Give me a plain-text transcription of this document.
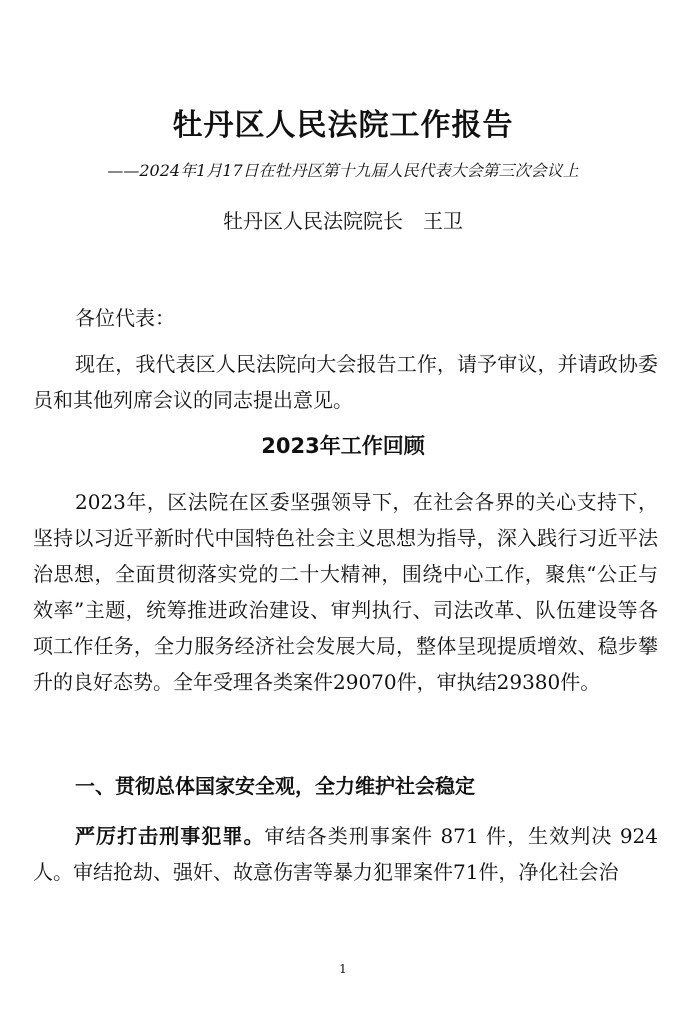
牡丹区人民法院工作报告

——2024年1月17日在牡丹区第十九届人民代表大会第三次会议上

牡丹区人民法院院长　王卫

各位代表：

现在，我代表区人民法院向大会报告工作，请予审议，并请政协委员和其他列席会议的同志提出意见。

2023年工作回顾

2023年，区法院在区委坚强领导下，在社会各界的关心支持下，坚持以习近平新时代中国特色社会主义思想为指导，深入践行习近平法治思想，全面贯彻落实党的二十大精神，围绕中心工作，聚焦“公正与效率”主题，统筹推进政治建设、审判执行、司法改革、队伍建设等各项工作任务，全力服务经济社会发展大局，整体呈现提质增效、稳步攀升的良好态势。全年受理各类案件29070件，审执结29380件。

一、贯彻总体国家安全观，全力维护社会稳定

严厉打击刑事犯罪。审结各类刑事案件 871 件，生效判决 924 人。审结抢劫、强奸、故意伤害等暴力犯罪案件71件，净化社会治

1
